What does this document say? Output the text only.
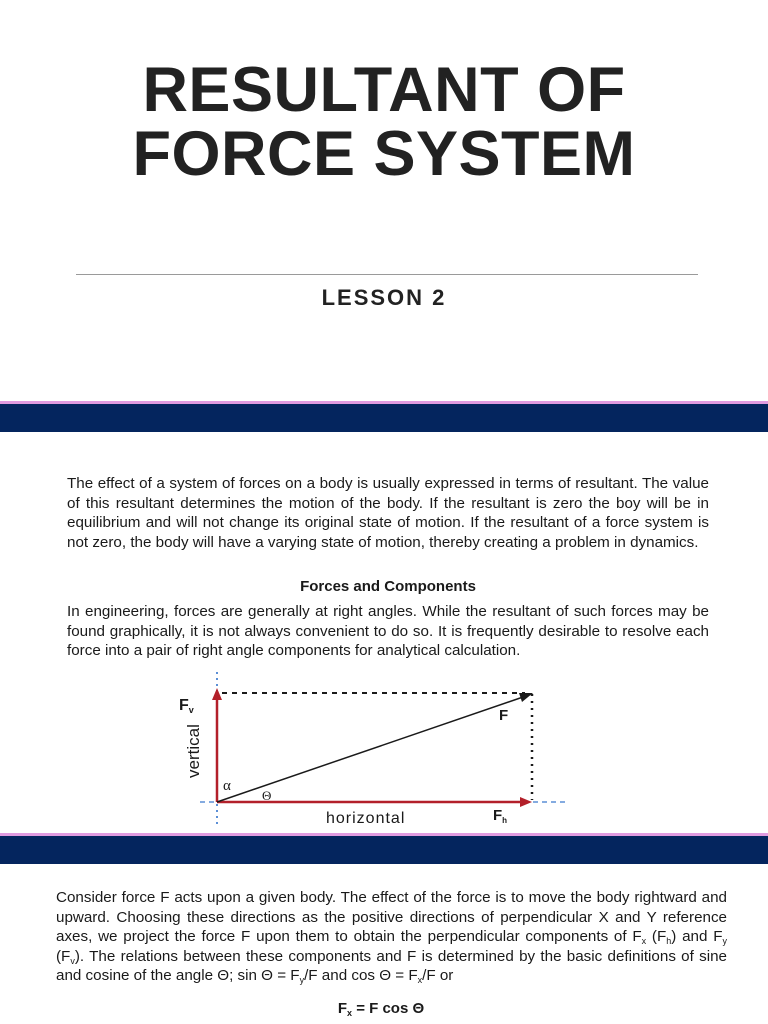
RESULTANT OF
FORCE SYSTEM
LESSON 2

The effect of a system of forces on a body is usually expressed in terms of resultant. The value of this resultant determines the motion of the body. If the resultant is zero the boy will be in equilibrium and will not change its original state of motion. If the resultant of a force system is not zero, the body will have a varying state of motion, thereby creating a problem in dynamics.

Forces and Components

In engineering, forces are generally at right angles. While the resultant of such forces may be found graphically, it is not always convenient to do so. It is frequently desirable to resolve each force into a pair of right angle components for analytical calculation.

Fv
vertical
F
α
Θ
horizontal	$F_h$

Consider force F acts upon a given body. The effect of the force is to move the body rightward and upward. Choosing these directions as the positive directions of perpendicular X and Y reference axes, we project the force F upon them to obtain the perpendicular components of $F_x$ $(F_h)$ and $F_y$ $(F_v)$. The relations between these components and F is determined by the basic definitions of sine and cosine of the angle Θ; $\sin \Theta = F_y/F$ and $\cos \Theta = F_x/F$ or

$F_x = F$ cos Θ
